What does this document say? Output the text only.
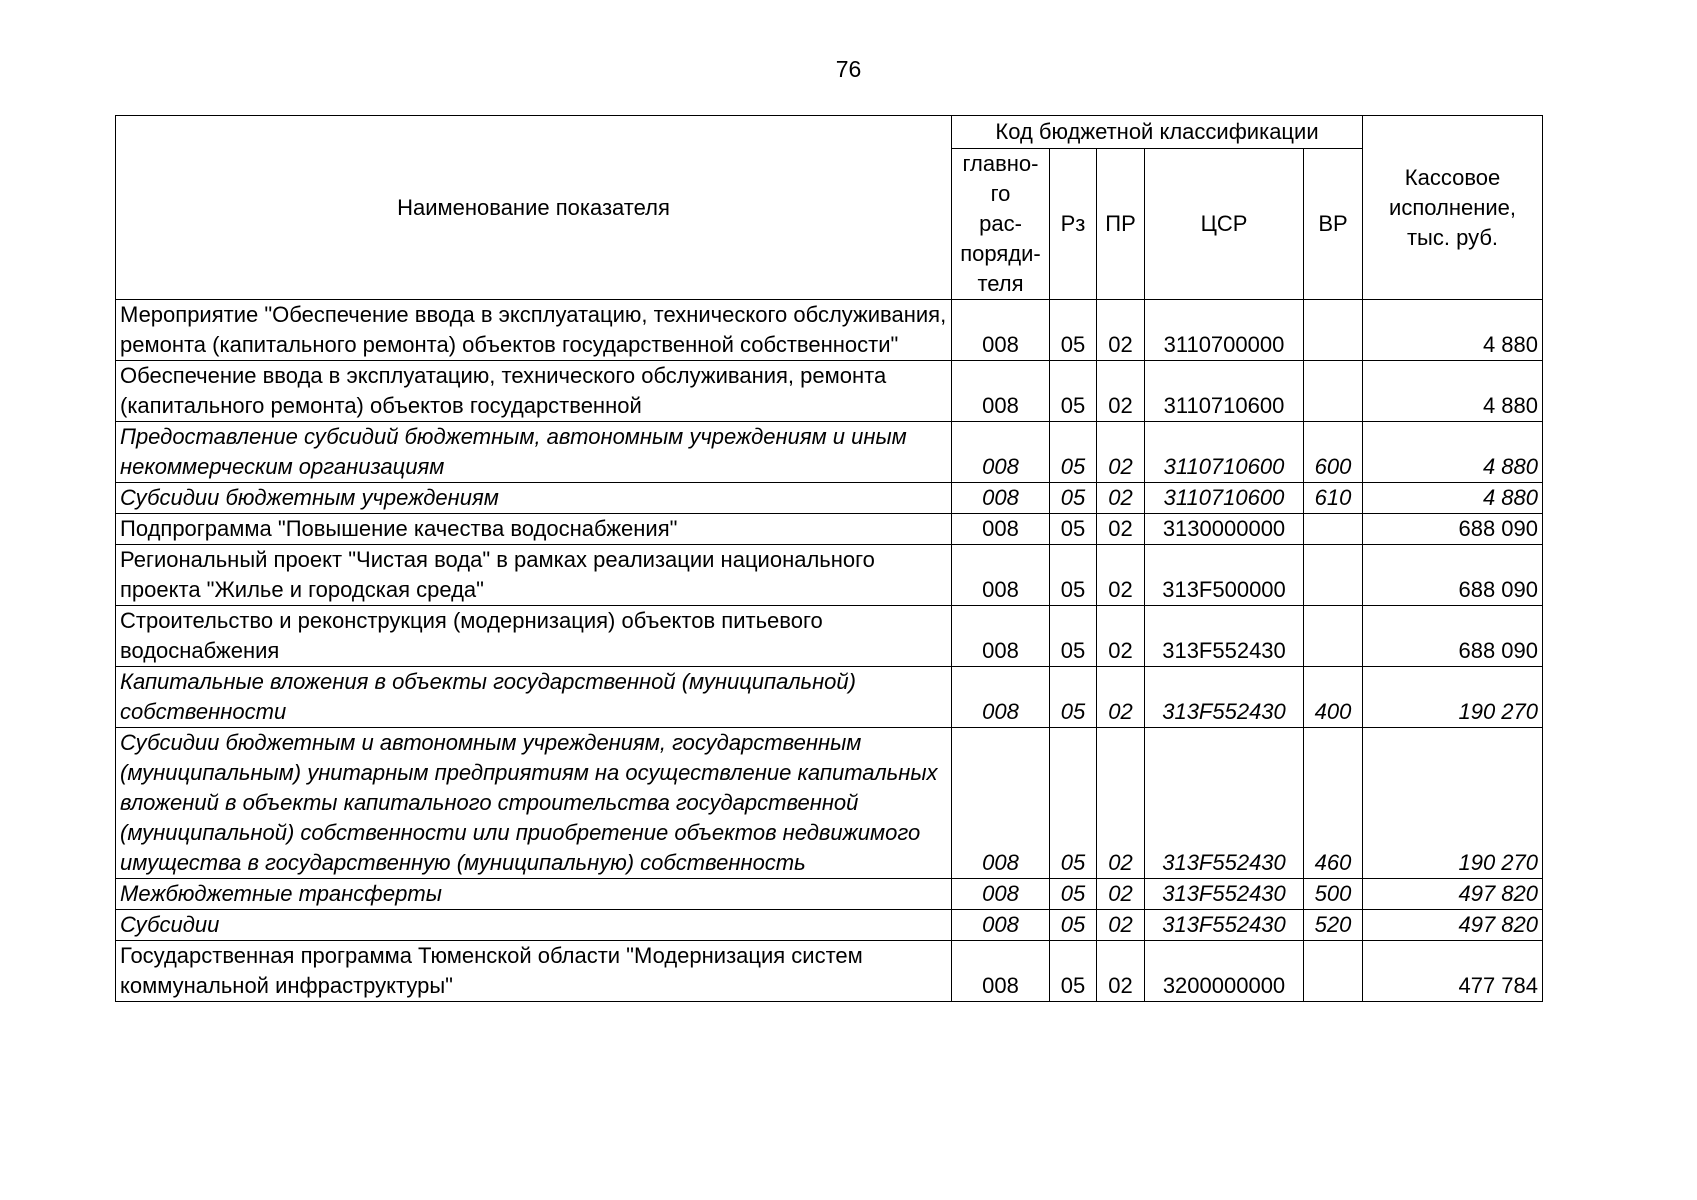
76
Наименование показателя	Код бюджетной классификации					Кассовое исполнение, тыс. руб.
	главно-
го
рас-
поряди-
теля	Рз	ПР	ЦСР	ВР	
Мероприятие "Обеспечение ввода в эксплуатацию, технического обслуживания, ремонта (капитального ремонта) объектов государственной собственности"	008	05	02	3110700000		4 880
Обеспечение ввода в эксплуатацию, технического обслуживания, ремонта (капитального ремонта) объектов государственной	008	05	02	3110710600		4 880
Предоставление субсидий бюджетным, автономным учреждениям и иным некоммерческим организациям	008	05	02	3110710600	600	4 880
Субсидии бюджетным учреждениям	008	05	02	3110710600	610	4 880
Подпрограмма "Повышение качества водоснабжения"	008	05	02	3130000000		688 090
Региональный проект "Чистая вода" в рамках реализации национального проекта "Жилье и городская среда"	008	05	02	313F500000		688 090
Строительство и реконструкция (модернизация) объектов питьевого водоснабжения	008	05	02	313F552430		688 090
Капитальные вложения в объекты государственной (муниципальной) собственности	008	05	02	313F552430	400	190 270
Субсидии бюджетным и автономным учреждениям, государственным (муниципальным) унитарным предприятиям на осуществление капитальных вложений в объекты капитального строительства государственной (муниципальной) собственности или приобретение объектов недвижимого имущества в государственную (муниципальную) собственность	008	05	02	313F552430	460	190 270
Межбюджетные трансферты	008	05	02	313F552430	500	497 820
Субсидии	008	05	02	313F552430	520	497 820
Государственная программа Тюменской области "Модернизация систем коммунальной инфраструктуры"	008	05	02	3200000000		477 784
